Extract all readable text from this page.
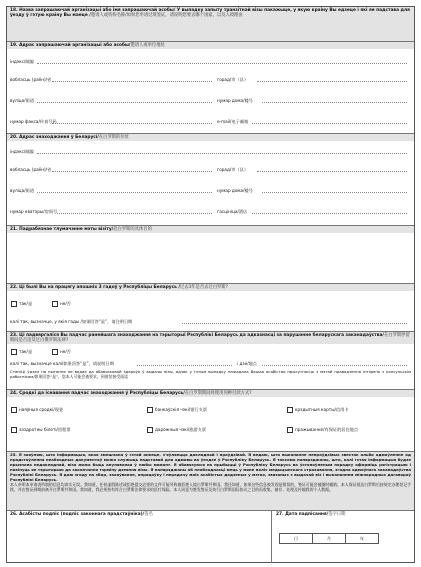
18. Назва запрашаючай арганізацыі або імя запрашаючай асобы/ У выпадку запыту транзітнай візы пакажыце, у якую краіну Вы едзеце і які яе падстава для ўезду ў гэтую краіну Вы маеце /邀请人或机构名称/如果您申请过境签证，请说明您要去哪个国家，以及入境理由
19. Адрас запрашаючай арганізацыі або асобы/邀请人或单位地址
індэкс/邮编
вобласць (раён)/省	горад/市（县）
вуліца/街道	нумар дома/楼号
нумар факса/传真号码	e-mail/电子邮箱
20. Адрас знаходжання ў Беларусі/在白罗斯的住址
індэкс/邮编
вобласць (раён)/省	горад/市（县）
вуліца/街道	нумар дома/楼号
нумар кватэры/房间号	гасцініца/酒店
21. Падрабязнае тлумачэнне мэты візіту/赴白罗斯的具体目的
22. Ці былі Вы на працягу апошніх 3 гадоў у Рэспубліцы Беларусь /过去3年是否去过白罗斯?
так/是	не/否
калі так, вызначце, у якія гады /如果回答“是”，请注明日期
23. Ці падвяргаліся Вы падчас ранейшага знаходжання на тэрыторыі Рэспублікі Беларусь да адказнасці за парушэнне беларускага заканадаўства/在白罗斯停留期间是否违反过白俄罗斯法律?
так/是	не/否
калі так, вызначце калі/如果回答“是”，请说明日期	і дзе/地点
Стан/Ці ўдзел на пытанне не ведае да абавязковай здароўя ў выдачы візы, адзак у гэтым выпадку пажадана Вашаа асабістая прысутнасць з мэтай правядзення інтэрв'ю з консульскім работнікам/如果回答“是”，您本人可能会被要求，到使馆接受面谈
24. Сродкі да існавання падчас знаходжання ў Рэспубліцы Беларусь/在白罗斯期间将使用何种付款方式?
наяўныя сродкі/现金	банкаўскія чэкі/银行支票	крэдытныя карты/信用卡
заздротны білеті/回程票	дарожныя чэкі/旅游支票	пражыванне/有保证的居住地点
25. Я заяўляю, што інфармацыя, якая змешчана ў гэтай анкеце, з'яўляецца дакладнай і праўдзівай. Я ведаю, што выкананне непраўдзівых звестак альбо адмоўленне ад прадстаўлення неабходных дакументаў можа служыць падставай для адмовы ва ўездзе ў Рэспубліку Беларусь. Я таксама папярэджаны, што, калі гэтая інфармацыя будзе прызнана недакладнай, віза можа быць ануляваная ў любы момант. Я абавязуюся па прыбыцці ў Рэспубліку Беларусь ва ўстаноўленым парадку аформіць рэгістрацыю і пакінуць яе тэрыторыю да заканчэння тэрміну дзеяння візы. Я папярэджаны аб неабходнасці мець у мяне поліс медыцынскага страхавання, згодна адмоўнага заканадаўства Рэспублікі Беларусь. Я даю згоду на збор, захоўванне, апрацоўку і перадачу маіх асабістых дадзеных у мэтах, звязаных з выдачай віз і выкананнем міжнародных дагавораў Рэспублікі Беларусь.
本人申明本申请表所填的信息均真实无误。我知道，任何虚假陈述或拒绝提交必要的文件可能导致被拒绝入境白罗斯共和国。我还知道，如果这些信息被发现是错误的，签证可能会被随时撤销。本人保证抵达白罗斯后按规定办理登记手续，并在签证到期前离开白罗斯共和国。我知道，我必须持有符合白罗斯法律要求的医疗保险。本人同意为签发签证及执行白罗斯国际协议之目的而收集、储存、处理及传输我的个人数据。
26. Асабісты подпіс (подпіс законнага прадстаўніка)/签名	27. Дата падпісання/签字日期
日	月	年
